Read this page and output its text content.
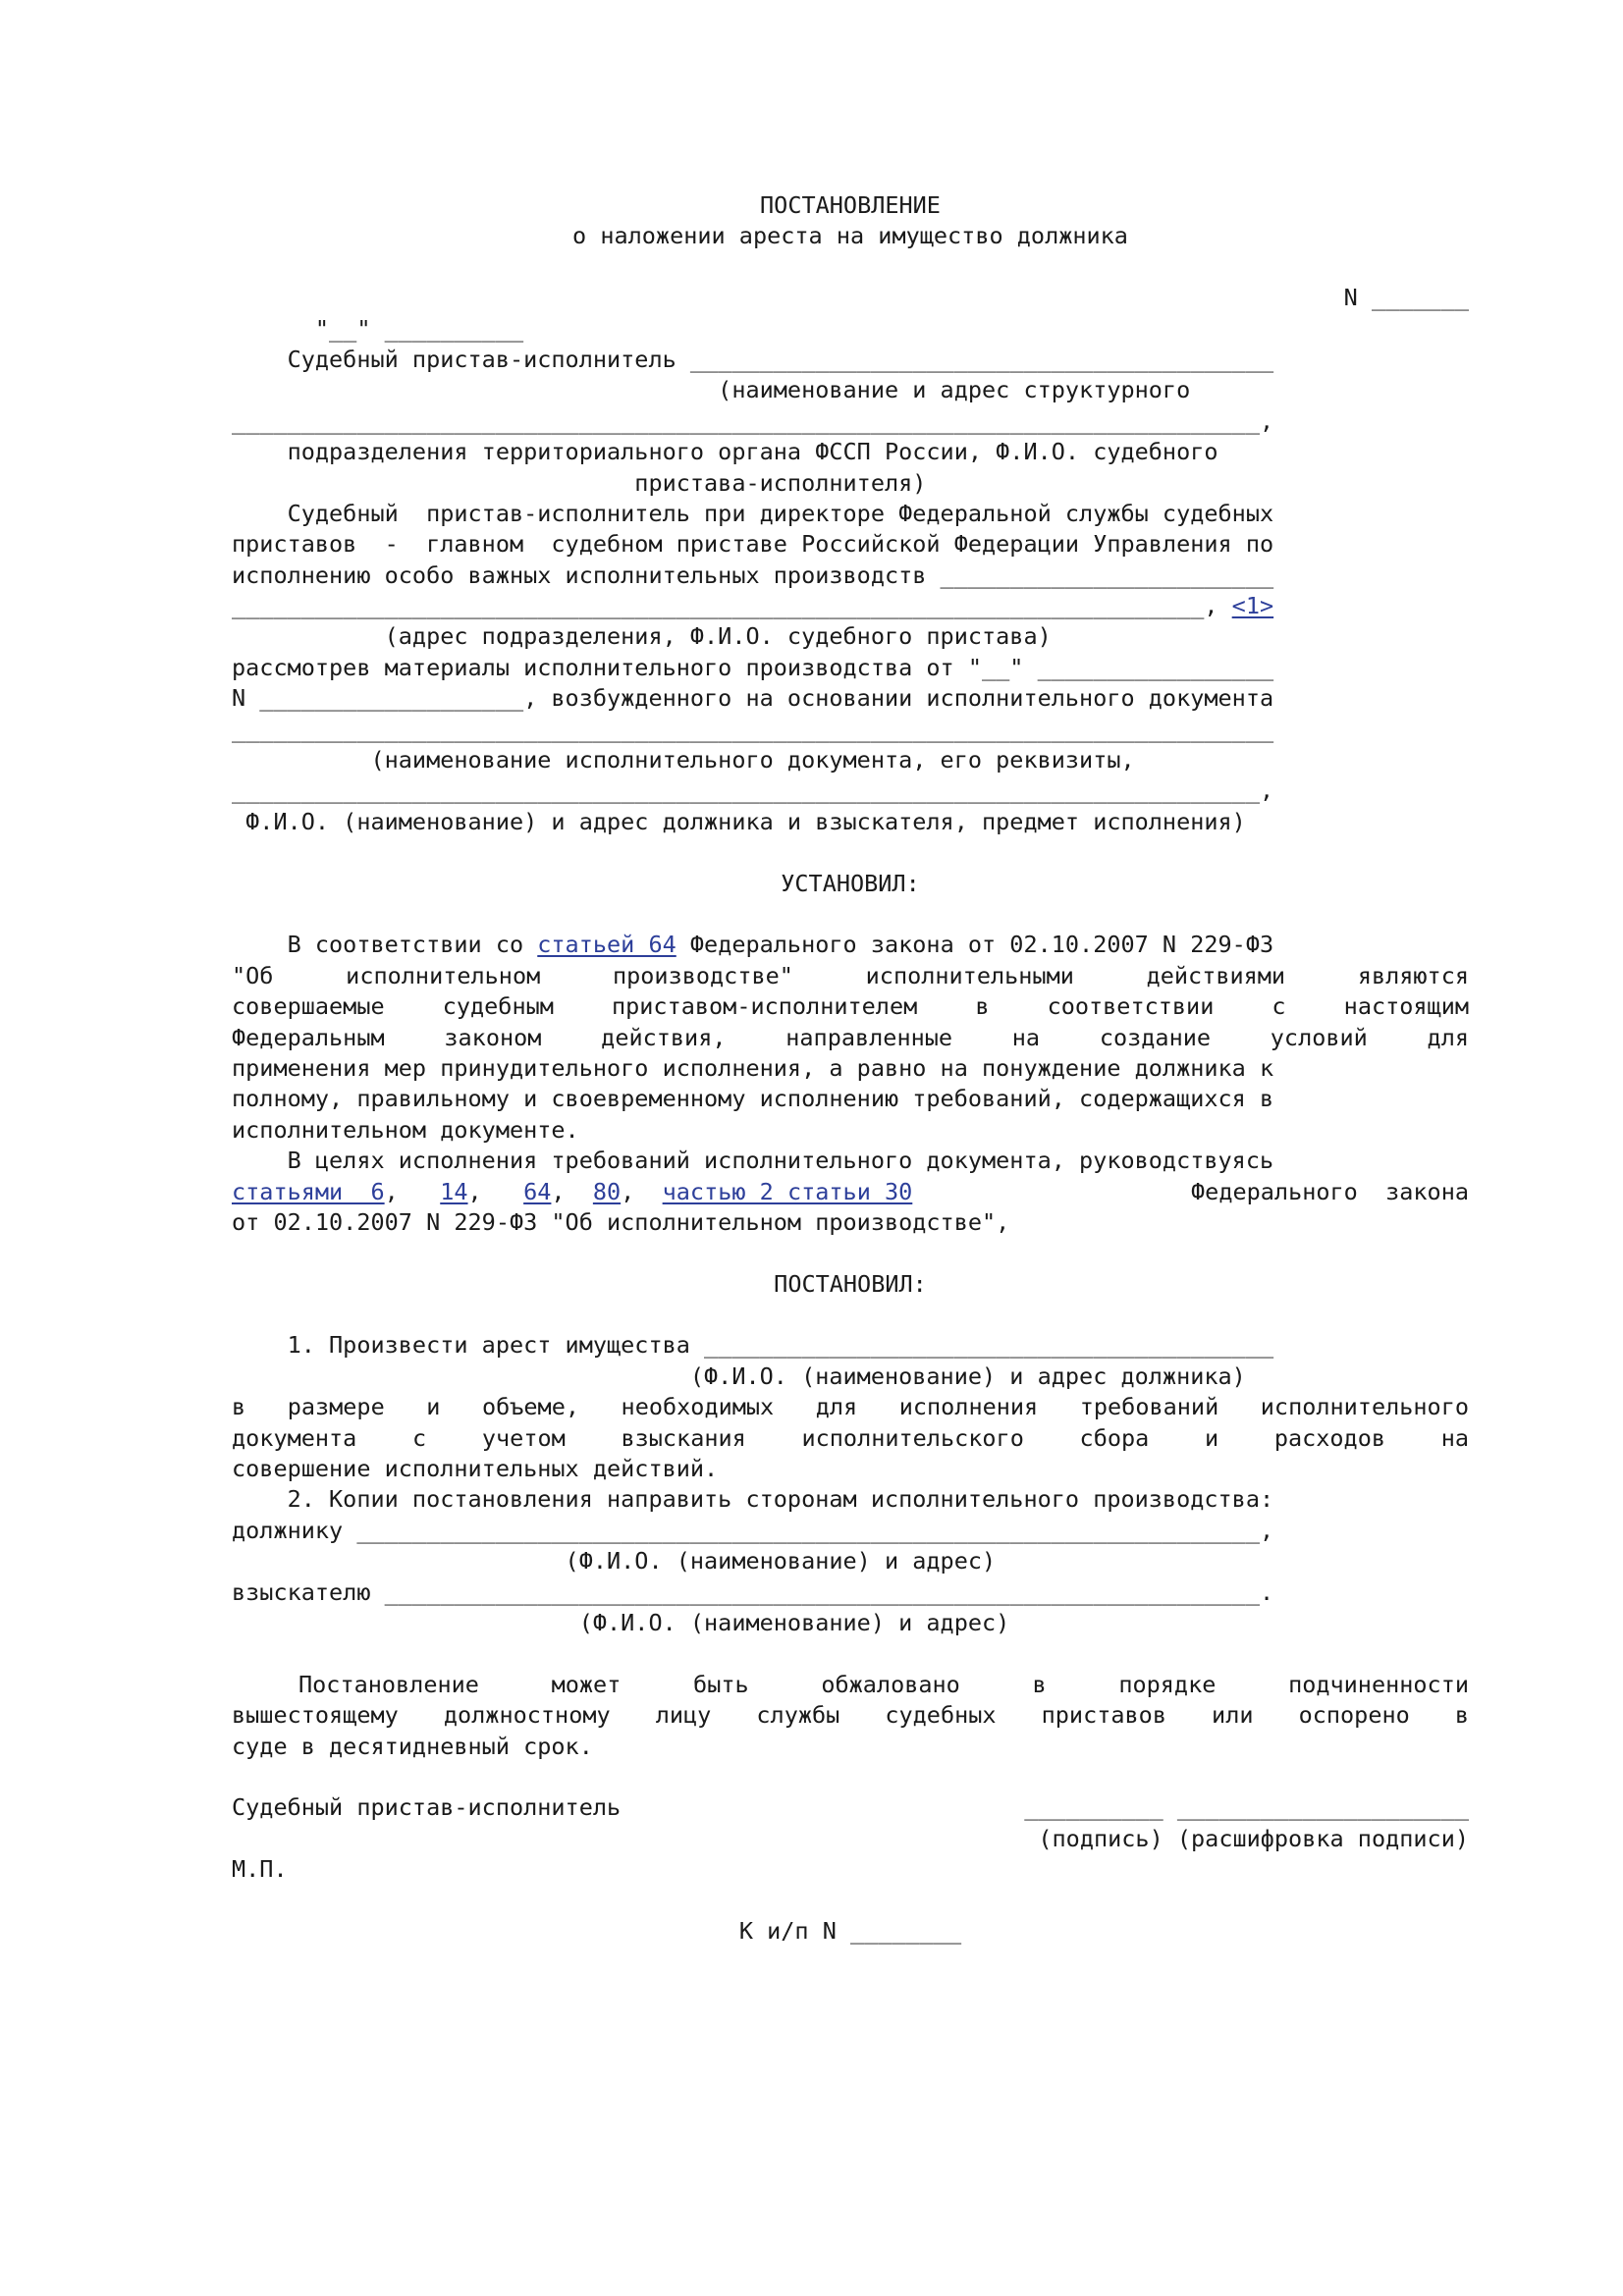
ПОСТАНОВЛЕНИЕ
о наложении ареста на имущество должника

"__" __________

N _______

Судебный пристав-исполнитель __________________________________________
(наименование и адрес структурного
__________________________________________________________________________,
подразделения территориального органа ФССП России, Ф.И.О. судебного
пристава-исполнителя)
Судебный  пристав-исполнитель при директоре Федеральной службы судебных
приставов  -  главном  судебном приставе Российской Федерации Управления по
исполнению особо важных исполнительных производств ________________________
______________________________________________________________________, <1>
(адрес подразделения, Ф.И.О. судебного пристава)
рассмотрев материалы исполнительного производства от "__" _________________
N ___________________, возбужденного на основании исполнительного документа
___________________________________________________________________________
(наименование исполнительного документа, его реквизиты,
__________________________________________________________________________,
Ф.И.О. (наименование) и адрес должника и взыскателя, предмет исполнения)
УСТАНОВИЛ:
В соответствии со статьей 64 Федерального закона от 02.10.2007 N 229-ФЗ
"Об исполнительном производстве" исполнительными действиями являются
совершаемые судебным приставом-исполнителем в соответствии с настоящим
Федеральным законом действия, направленные на создание условий для
применения мер принудительного исполнения, а равно на понуждение должника к
полному, правильному и своевременному исполнению требований, содержащихся в
исполнительном документе.
В целях исполнения требований исполнительного документа, руководствуясь
статьями  6,   14,   64,  80,  частью 2 статьи 30	Федерального  закона
от 02.10.2007 N 229-ФЗ "Об исполнительном производстве",
ПОСТАНОВИЛ:
1. Произвести арест имущества _________________________________________
(Ф.И.О. (наименование) и адрес должника)
в размере и объеме, необходимых для исполнения требований исполнительного
документа с учетом взыскания исполнительского сбора и расходов на
совершение исполнительных действий.
2. Копии постановления направить сторонам исполнительного производства:
должнику _________________________________________________________________,
(Ф.И.О. (наименование) и адрес)
взыскателю _______________________________________________________________.
(Ф.И.О. (наименование) и адрес)
Постановление может быть обжаловано в порядке подчиненности
вышестоящему должностному лицу службы судебных приставов или оспорено в
суде в десятидневный срок.
Судебный пристав-исполнитель	__________ _____________________
(подпись) (расшифровка подписи)
М.П.
К и/п N ________
